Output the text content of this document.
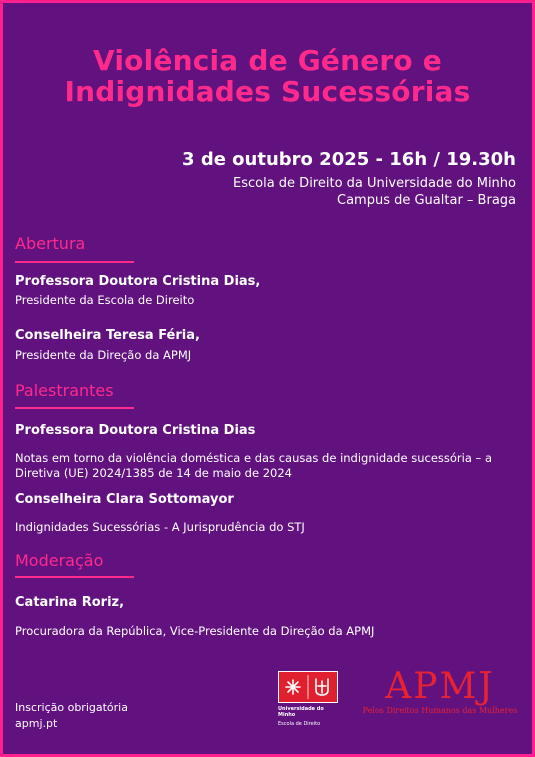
Violência de Género e
Indignidades Sucessórias
3 de outubro 2025 - 16h / 19.30h
Escola de Direito da Universidade do Minho
Campus de Gualtar – Braga
Abertura
Professora Doutora Cristina Dias,
Presidente da Escola de Direito
Conselheira Teresa Féria,
Presidente da Direção da APMJ
Palestrantes
Professora Doutora Cristina Dias
Notas em torno da violência doméstica e das causas de indignidade sucessória – a Diretiva (UE) 2024/1385 de 14 de maio de 2024
Conselheira Clara Sottomayor
Indignidades Sucessórias - A Jurisprudência do STJ
Moderação
Catarina Roriz,
Procuradora da República, Vice-Presidente da Direção da APMJ
Inscrição obrigatória
apmj.pt
Universidade do Minho
Escola de Direito
APMJ
Pelos Direitos Humanos das Mulheres
